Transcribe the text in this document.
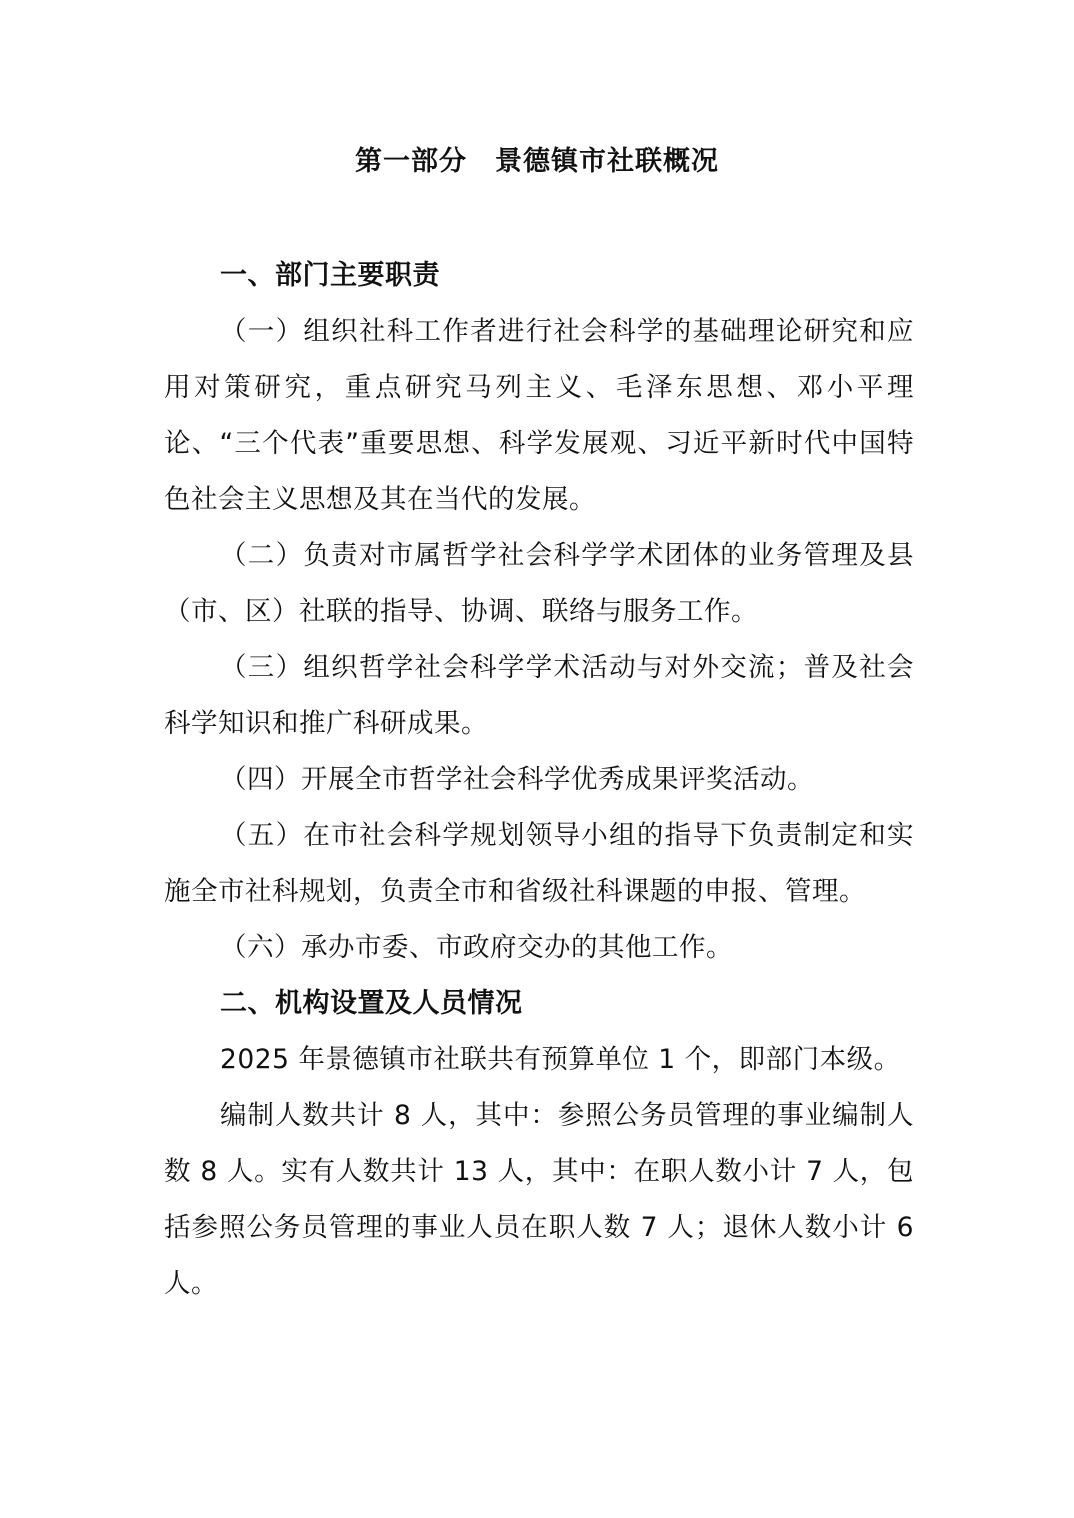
第一部分　景德镇市社联概况
一、部门主要职责

（一）组织社科工作者进行社会科学的基础理论研究和应用对策研究，重点研究马列主义、毛泽东思想、邓小平理论、“三个代表”重要思想、科学发展观、习近平新时代中国特色社会主义思想及其在当代的发展。

（二）负责对市属哲学社会科学学术团体的业务管理及县（市、区）社联的指导、协调、联络与服务工作。

（三）组织哲学社会科学学术活动与对外交流；普及社会科学知识和推广科研成果。

（四）开展全市哲学社会科学优秀成果评奖活动。

（五）在市社会科学规划领导小组的指导下负责制定和实施全市社科规划，负责全市和省级社科课题的申报、管理。

（六）承办市委、市政府交办的其他工作。

二、机构设置及人员情况

2025 年景德镇市社联共有预算单位 1 个，即部门本级。

编制人数共计 8 人，其中：参照公务员管理的事业编制人数 8 人。实有人数共计 13 人，其中：在职人数小计 7 人，包括参照公务员管理的事业人员在职人数 7 人；退休人数小计 6 人。
